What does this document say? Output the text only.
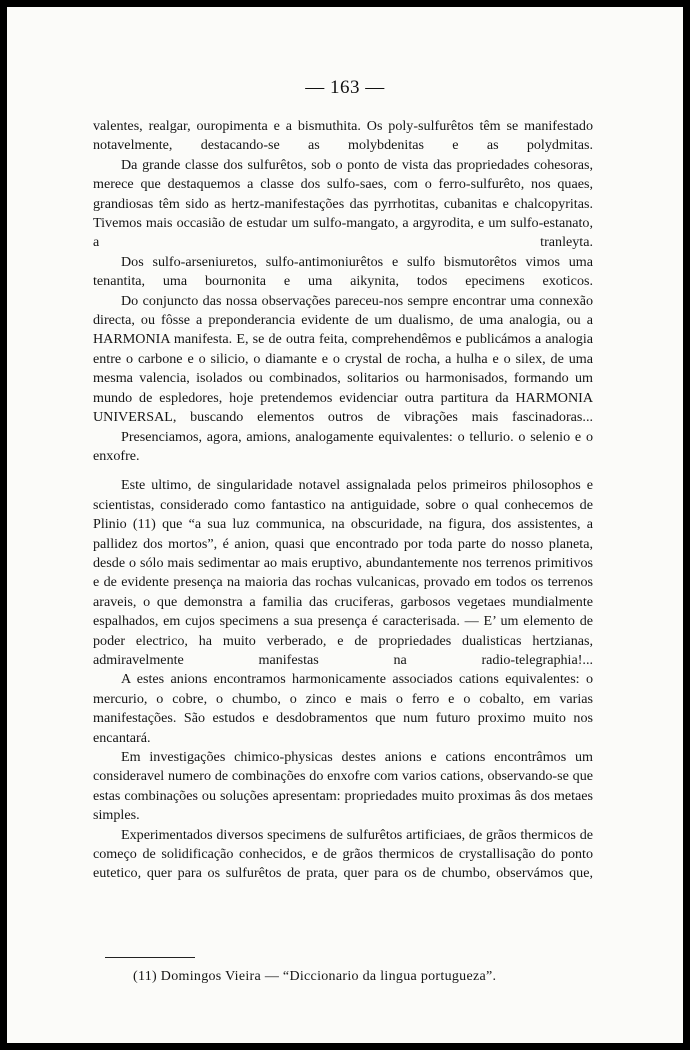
— 163 —

valentes, realgar, ouropimenta e a bismuthita. Os poly-sulfurêtos têm se manifestado notavelmente, destacando-se as molybdenitas e as polydmitas.

Da grande classe dos sulfurêtos, sob o ponto de vista das propriedades cohesoras, merece que destaquemos a classe dos sulfo-saes, com o ferro-sulfurêto, nos quaes, grandiosas têm sido as hertz-manifestações das pyrrhotitas, cubanitas e chalcopyritas. Tivemos mais occasião de estudar um sulfo-mangato, a argyrodita, e um sulfo-estanato, a tranleyta.

Dos sulfo-arseniuretos, sulfo-antimoniurêtos e sulfo bismutorêtos vimos uma tenantita, uma bournonita e uma aikynita, todos epecimens exoticos.

Do conjuncto das nossa observações pareceu-nos sempre encontrar uma connexão directa, ou fôsse a preponderancia evidente de um dualismo, de uma analogia, ou a HARMONIA manifesta. E, se de outra feita, comprehendêmos e publicámos a analogia entre o carbone e o silicio, o diamante e o crystal de rocha, a hulha e o silex, de uma mesma valencia, isolados ou combinados, solitarios ou harmonisados, formando um mundo de espledores, hoje pretendemos evidenciar outra partitura da HARMONIA UNIVERSAL, buscando elementos outros de vibrações mais fascinadoras...

Presenciamos, agora, amions, analogamente equivalentes: o tellurio. o selenio e o enxofre.

Este ultimo, de singularidade notavel assignalada pelos primeiros philosophos e scientistas, considerado como fantastico na antiguidade, sobre o qual conhecemos de Plinio (11) que “a sua luz communica, na obscuridade, na figura, dos assistentes, a pallidez dos mortos”, é anion, quasi que encontrado por toda parte do nosso planeta, desde o sólo mais sedimentar ao mais eruptivo, abundantemente nos terrenos primitivos e de evidente presença na maioria das rochas vulcanicas, provado em todos os terrenos araveis, o que demonstra a familia das cruciferas, garbosos vegetaes mundialmente espalhados, em cujos specimens a sua presença é caracterisada. — E’ um elemento de poder electrico, ha muito verberado, e de propriedades dualisticas hertzianas, admiravelmente manifestas na radio-telegraphia!...

A estes anions encontramos harmonicamente associados cations equivalentes: o mercurio, o cobre, o chumbo, o zinco e mais o ferro e o cobalto, em varias manifestações. São estudos e desdobramentos que num futuro proximo muito nos encantará.

Em investigações chimico-physicas destes anions e cations encontrâmos um consideravel numero de combinações do enxofre com varios cations, observando-se que estas combinações ou soluções apresentam: propriedades muito proximas âs dos metaes simples.

Experimentados diversos specimens de sulfurêtos artificiaes, de grãos thermicos de começo de solidificação conhecidos, e de grãos thermicos de crystallisação do ponto eutetico, quer para os sulfurêtos de prata, quer para os de chumbo, observámos que,

(11) Domingos Vieira — “Diccionario da lingua portugueza”.
